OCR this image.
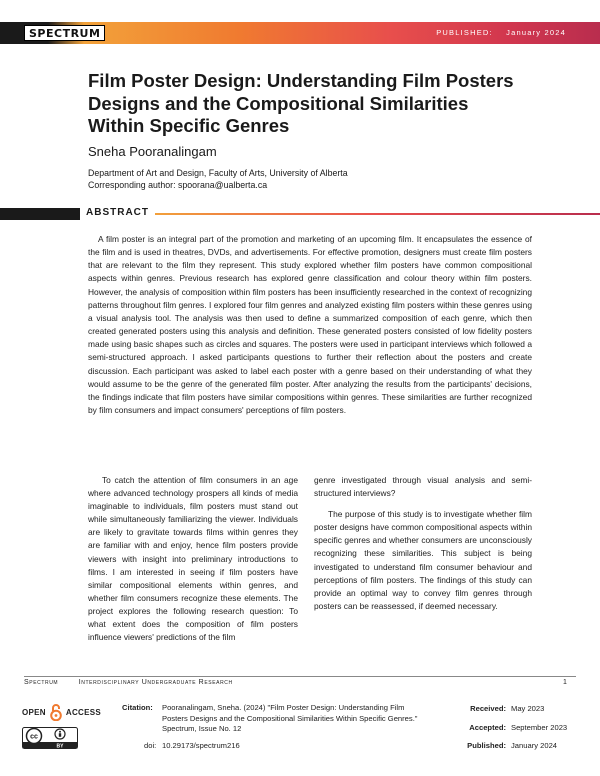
SPECTRUM	PUBLISHED: January 2024
Film Poster Design: Understanding Film Posters Designs and the Compositional Similarities Within Specific Genres
Sneha Pooranalingam
Department of Art and Design, Faculty of Arts, University of Alberta
Corresponding author: spoorana@ualberta.ca
ABSTRACT

A film poster is an integral part of the promotion and marketing of an upcoming film. It encapsulates the essence of the film and is used in theatres, DVDs, and advertisements. For effective promotion, designers must create film posters that are relevant to the film they represent. This study explored whether film posters have common compositional aspects within genres. Previous research has explored genre classification and colour theory within film posters. However, the analysis of composition within film posters has been insufficiently researched in the context of recognizing patterns throughout film genres. I explored four film genres and analyzed existing film posters within these genres using a visual analysis tool. The analysis was then used to define a summarized composition of each genre, which then created generated posters using this analysis and definition. These generated posters consisted of low fidelity posters made using basic shapes such as circles and squares. The posters were used in participant interviews which followed a semi-structured approach. I asked participants questions to further their reflection about the posters and create discussion. Each participant was asked to label each poster with a genre based on their understanding of what they would assume to be the genre of the generated film poster. After analyzing the results from the participants' decisions, the findings indicate that film posters have similar compositions within genres. These similarities are further recognized by film consumers and impact consumers' perceptions of film posters.

To catch the attention of film consumers in an age where advanced technology prospers all kinds of media imaginable to individuals, film posters must stand out while simultaneously familiarizing the viewer. Individuals are likely to gravitate towards films within genres they are familiar with and enjoy, hence film posters provide viewers with insight into preliminary introductions to films. I am interested in seeing if film posters have similar compositional elements within genres, and whether film consumers recognize these elements. The project explores the following research question: To what extent does the composition of film posters influence viewers' predictions of the film

genre investigated through visual analysis and semi-structured interviews?

The purpose of this study is to investigate whether film poster designs have common compositional aspects within specific genres and whether consumers are unconsciously recognizing these similarities. This subject is being investigated to understand film consumer behaviour and perceptions of film posters. The findings of this study can provide an optimal way to convey film genres through posters can be reassessed, if deemed necessary.

Spectrum	Interdisciplinary Undergraduate Research	1
OPEN	ACCESS
cc
BY
Citation: Pooranalingam, Sneha. (2024) "Film Poster Design: Understanding Film Posters Designs and the Compositional Similarities Within Specific Genres." Spectrum, Issue No. 12
doi: 10.29173/spectrum216
Received: May 2023
Accepted: September 2023
Published: January 2024
